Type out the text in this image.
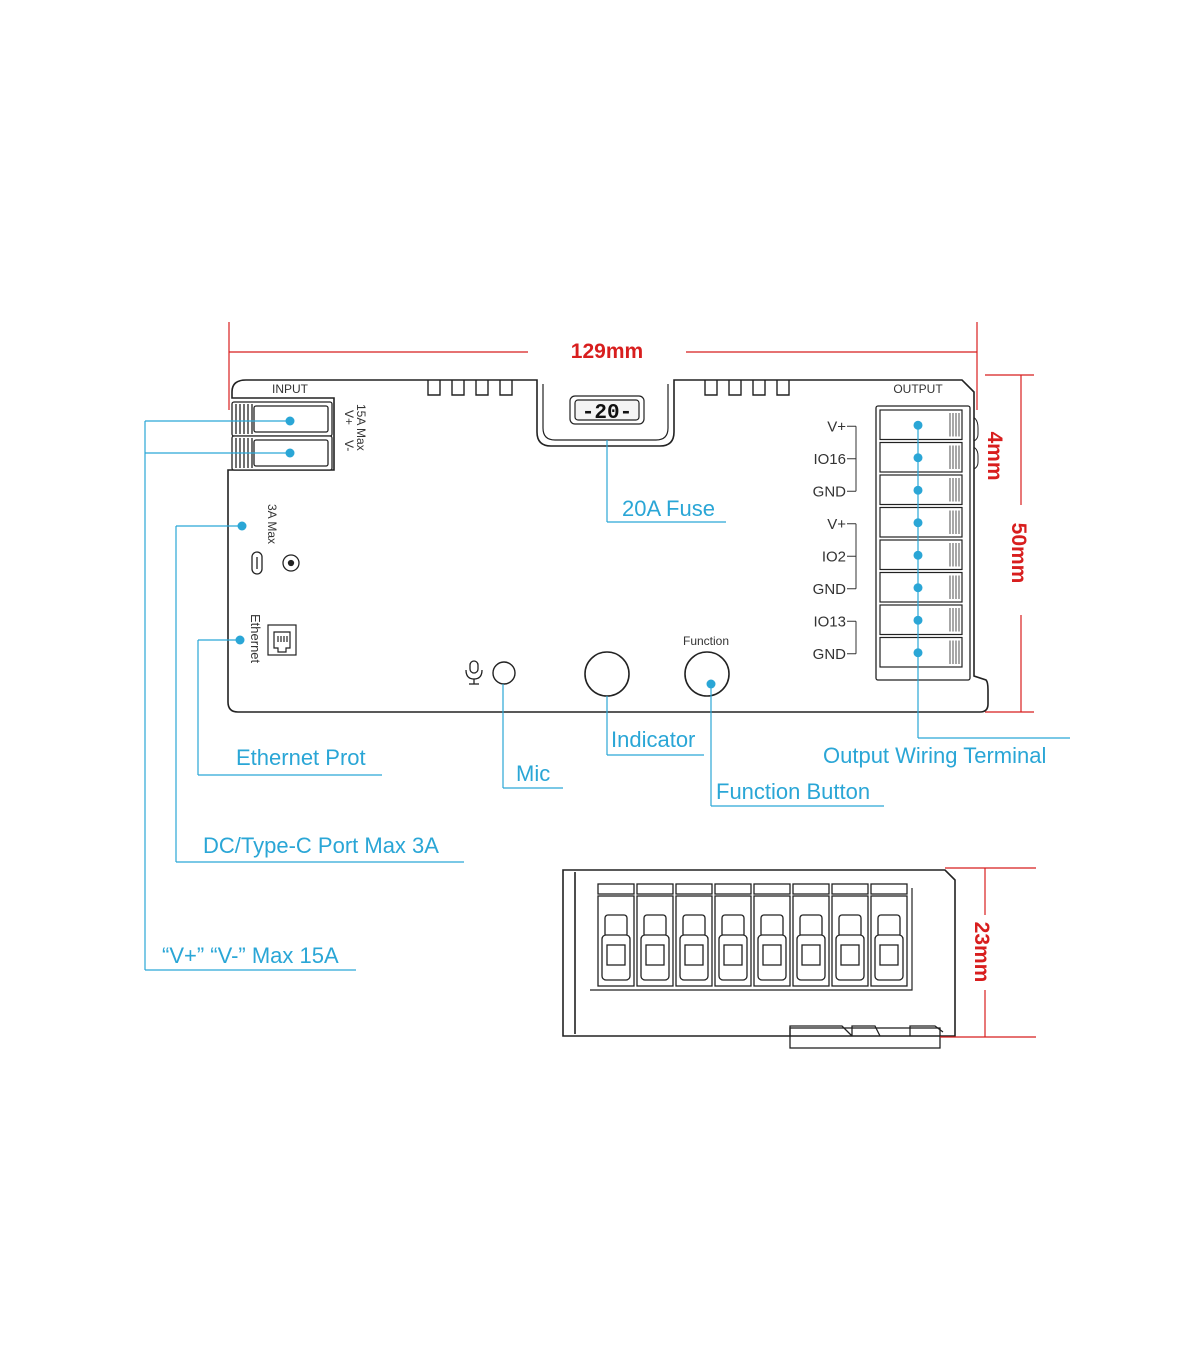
129mm
50mm
4mm
-20-
INPUT
V+
V-
15A Max
3A Max
Ethernet	Function
OUTPUT
V+
IO16
GND
V+
IO2
GND
IO13
GND
20A Fuse
Indicator
Mic
Function Button
Output Wiring Terminal
Ethernet Prot
DC/Type-C Port Max 3A
“V+” “V-” Max 15A	23mm
